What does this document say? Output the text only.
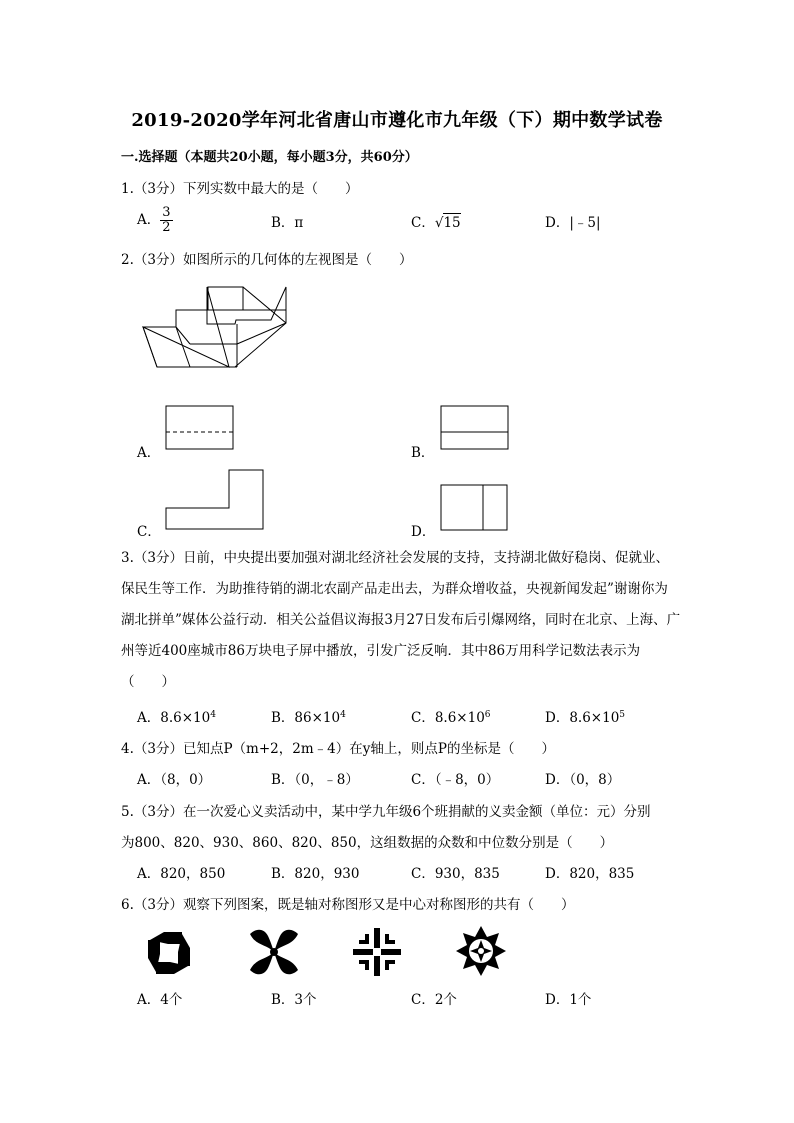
2019-2020学年河北省唐山市遵化市九年级（下）期中数学试卷
一.选择题（本题共20小题，每小题3分，共60分）
1.（3分）下列实数中最大的是（　　）
A． $\frac{3}{2}$	B．π	C．√15	D．|﹣5|
2.（3分）如图所示的几何体的左视图是（　　）
A．	B．
C．	D．
3.（3分）日前，中央提出要加强对湖北经济社会发展的支持，支持湖北做好稳岗、促就业、保民生等工作．为助推待销的湖北农副产品走出去，为群众增收益，央视新闻发起”谢谢你为湖北拼单”媒体公益行动．相关公益倡议海报3月27日发布后引爆网络，同时在北京、上海、广州等近400座城市86万块电子屏中播放，引发广泛反响．其中86万用科学记数法表示为（　　）
A．$8.6\times 10^4$	B．$86\times 10^4$	C．$8.6\times 10^6$	D．$8.6\times 10^5$
4.（3分）已知点P（m+2，2m﹣4）在y轴上，则点P的坐标是（　　）
A．（8，0）	B．（0，﹣8）	C．（﹣8，0）	D．（0，8）
5.（3分）在一次爱心义卖活动中，某中学九年级6个班捐献的义卖金额（单位：元）分别
为800、820、930、860、820、850，这组数据的众数和中位数分别是（　　）
A．820，850	B．820，930	C．930，835	D．820，835
6.（3分）观察下列图案，既是轴对称图形又是中心对称图形的共有（　　）
A．4个	B．3个	C．2个	D．1个
